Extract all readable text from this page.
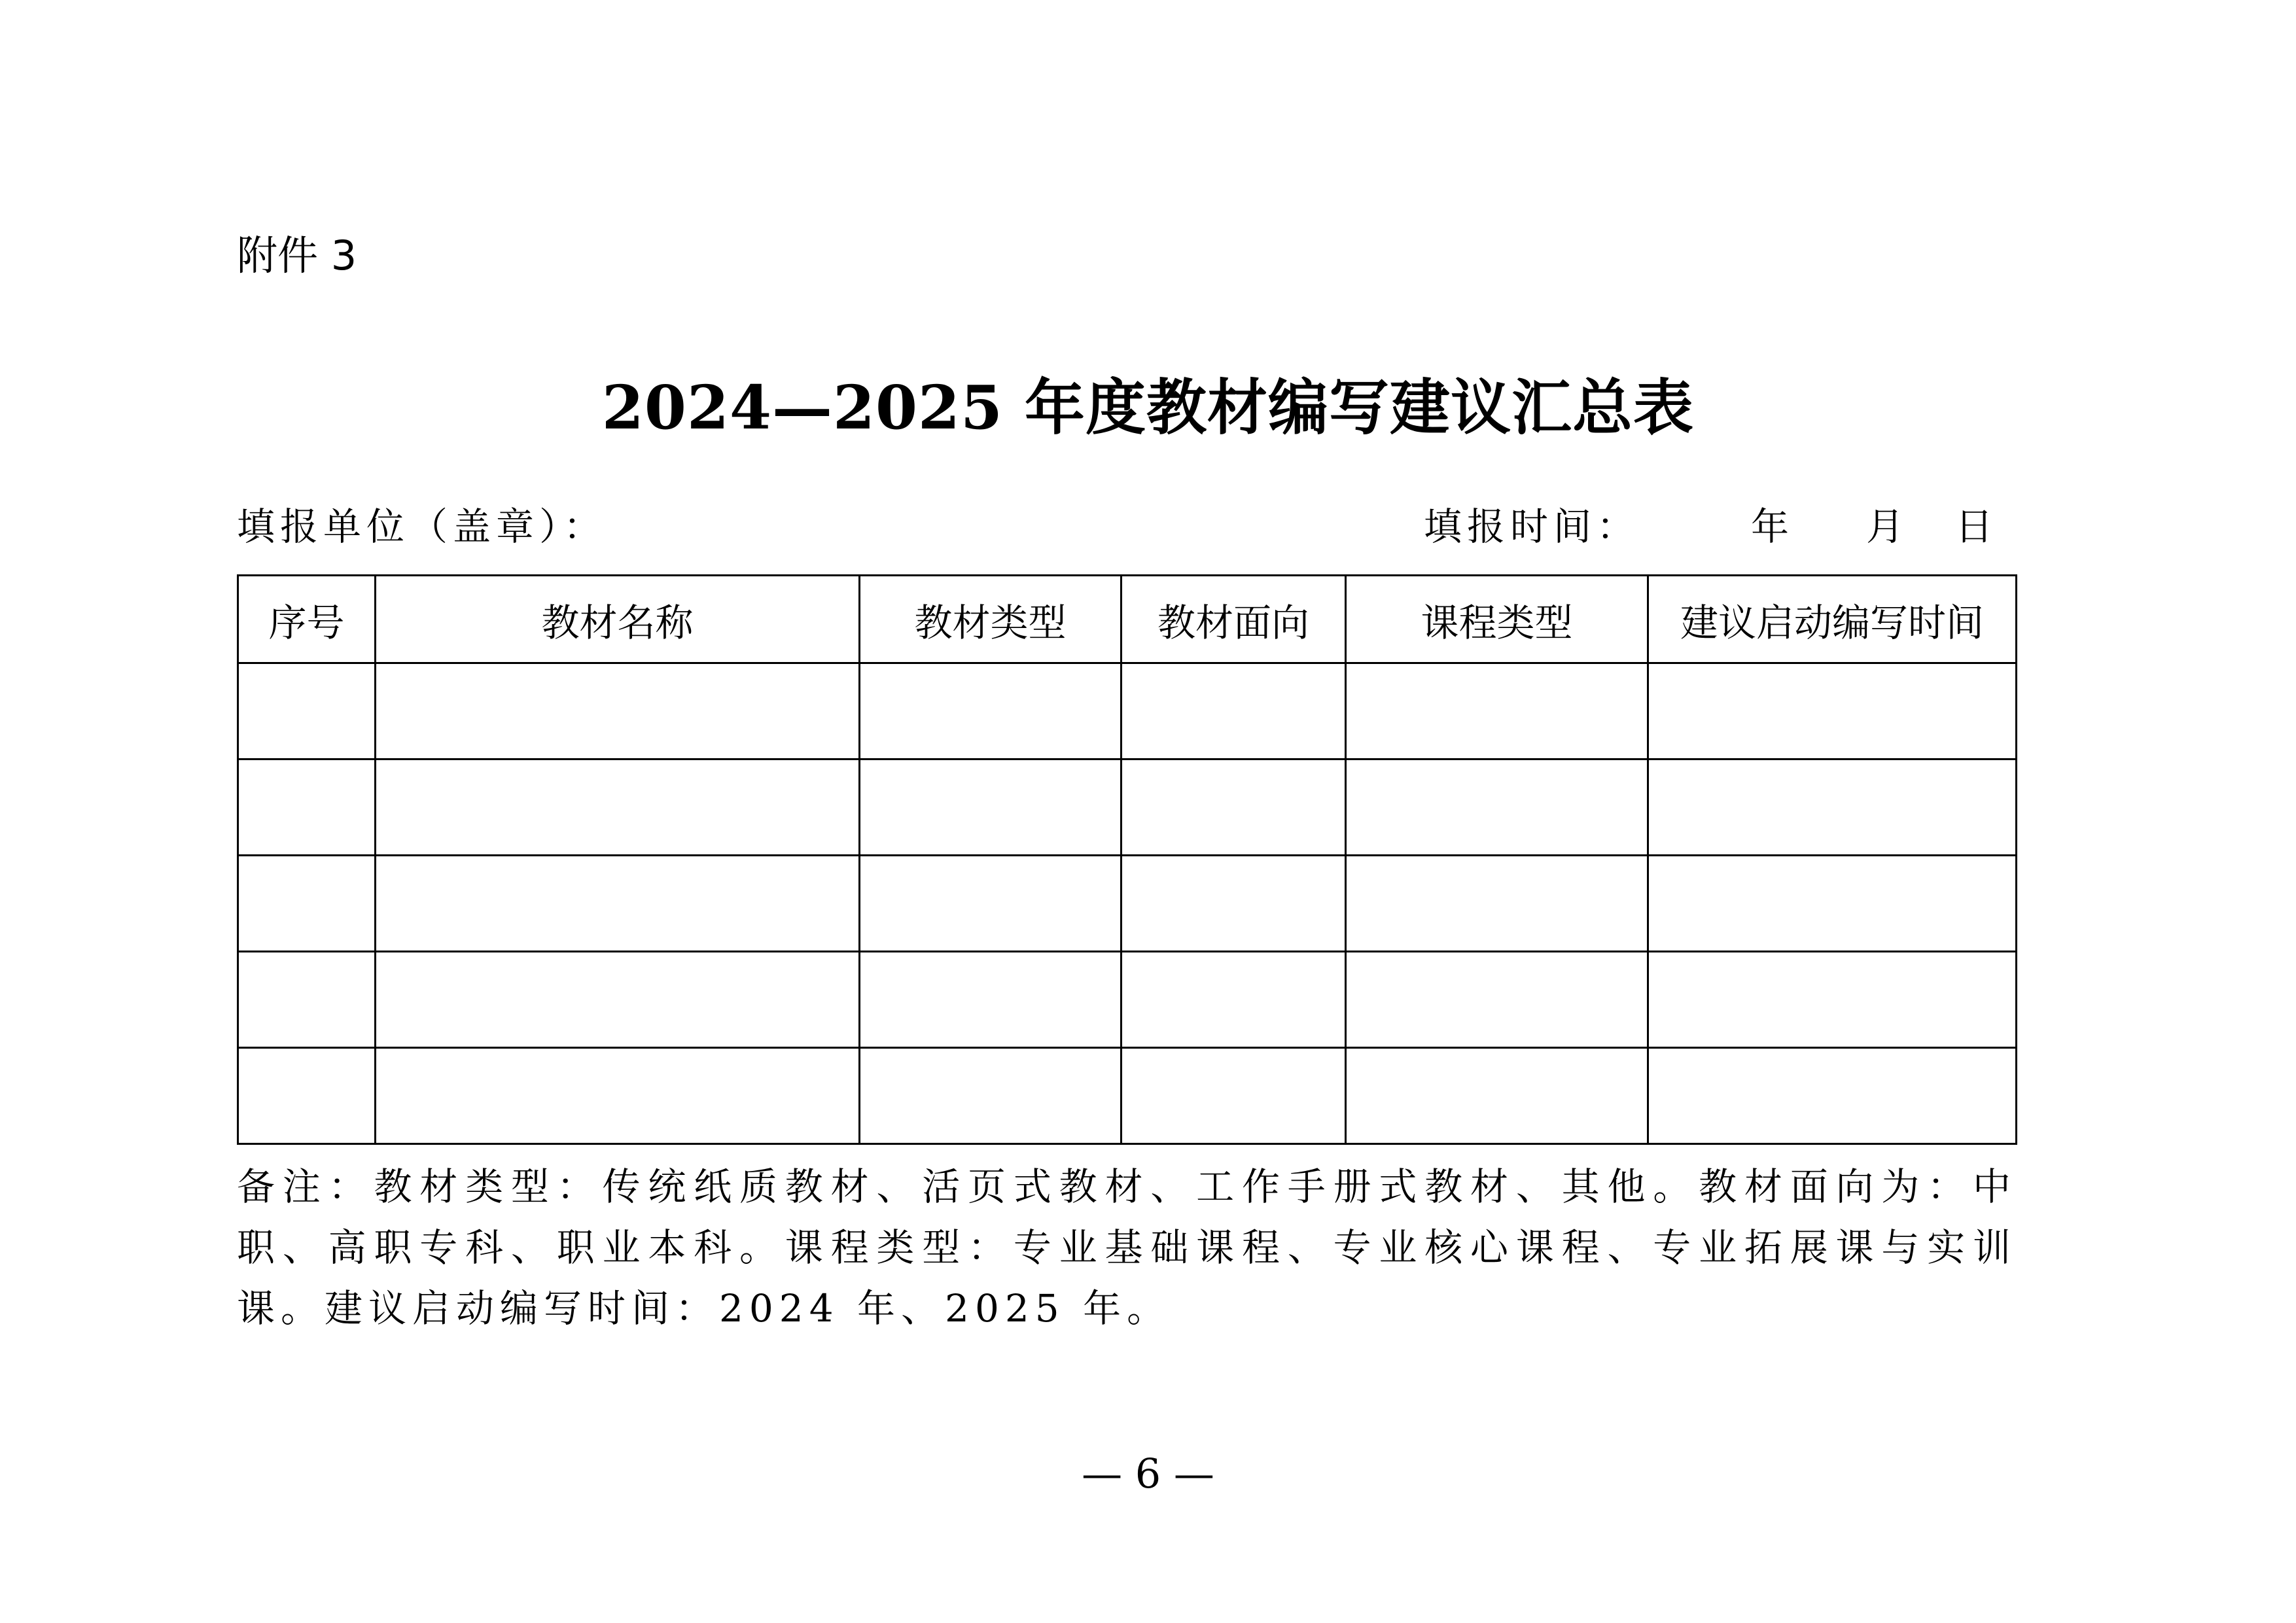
附件 3
2024—2025 年度教材编写建议汇总表
填报单位（盖章）：	填报时间：	年 月 日
序号	教材名称	教材类型	教材面向	课程类型	建议启动编写时间

备注：教材类型：传统纸质教材、活页式教材、工作手册式教材、其他。教材面向为：中职、高职专科、职业本科。课程类型：专业基础课程、专业核心课程、专业拓展课与实训课。建议启动编写时间：2024 年、2025 年。
— 6 —
